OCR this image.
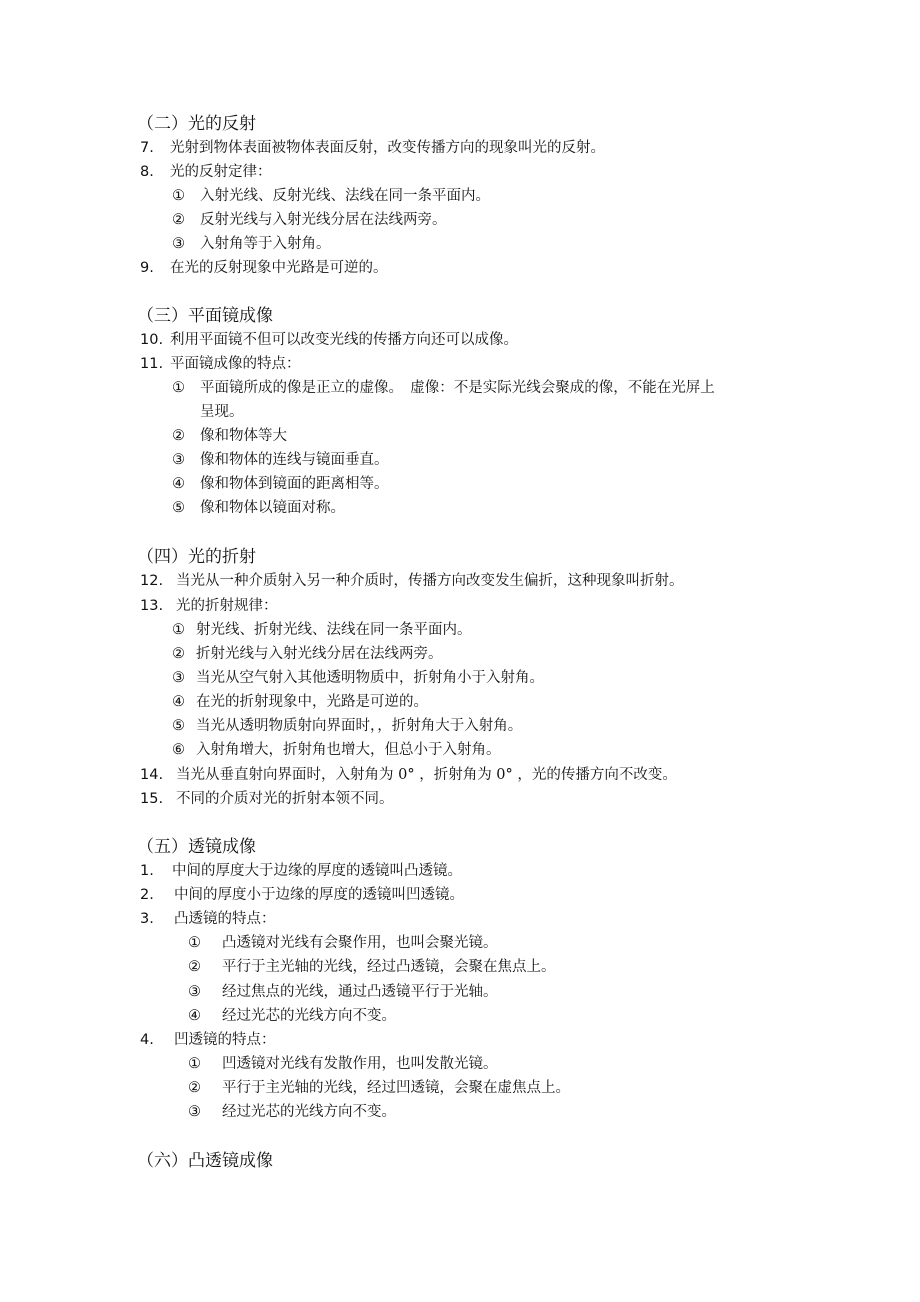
（二）光的反射
7. 光射到物体表面被物体表面反射，改变传播方向的现象叫光的反射。
8. 光的反射定律：
① 入射光线、反射光线、法线在同一条平面内。
② 反射光线与入射光线分居在法线两旁。
③ 入射角等于入射角。
9. 在光的反射现象中光路是可逆的。
（三）平面镜成像
10. 利用平面镜不但可以改变光线的传播方向还可以成像。
11. 平面镜成像的特点：
① 平面镜所成的像是正立的虚像。　虚像：不是实际光线会聚成的像，不能在光屏上
呈现。
② 像和物体等大
③ 像和物体的连线与镜面垂直。
④ 像和物体到镜面的距离相等。
⑤ 像和物体以镜面对称。
（四）光的折射
12. 当光从一种介质射入另一种介质时，传播方向改变发生偏折，这种现象叫折射。
13. 光的折射规律：
① 射光线、折射光线、法线在同一条平面内。
② 折射光线与入射光线分居在法线两旁。
③ 当光从空气射入其他透明物质中，折射角小于入射角。
④ 在光的折射现象中，光路是可逆的。
⑤ 当光从透明物质射向界面时，，折射角大于入射角。
⑥ 入射角增大，折射角也增大，但总小于入射角。
14. 当光从垂直射向界面时，入射角为 0° ，折射角为 0° ，光的传播方向不改变。
15. 不同的介质对光的折射本领不同。
（五）透镜成像
1. 中间的厚度大于边缘的厚度的透镜叫凸透镜。
2. 中间的厚度小于边缘的厚度的透镜叫凹透镜。
3. 凸透镜的特点：
① 凸透镜对光线有会聚作用，也叫会聚光镜。
② 平行于主光轴的光线，经过凸透镜，会聚在焦点上。
③ 经过焦点的光线，通过凸透镜平行于光轴。
④ 经过光芯的光线方向不变。
4. 凹透镜的特点：
① 凹透镜对光线有发散作用，也叫发散光镜。
② 平行于主光轴的光线，经过凹透镜，会聚在虚焦点上。
③ 经过光芯的光线方向不变。
（六）凸透镜成像
